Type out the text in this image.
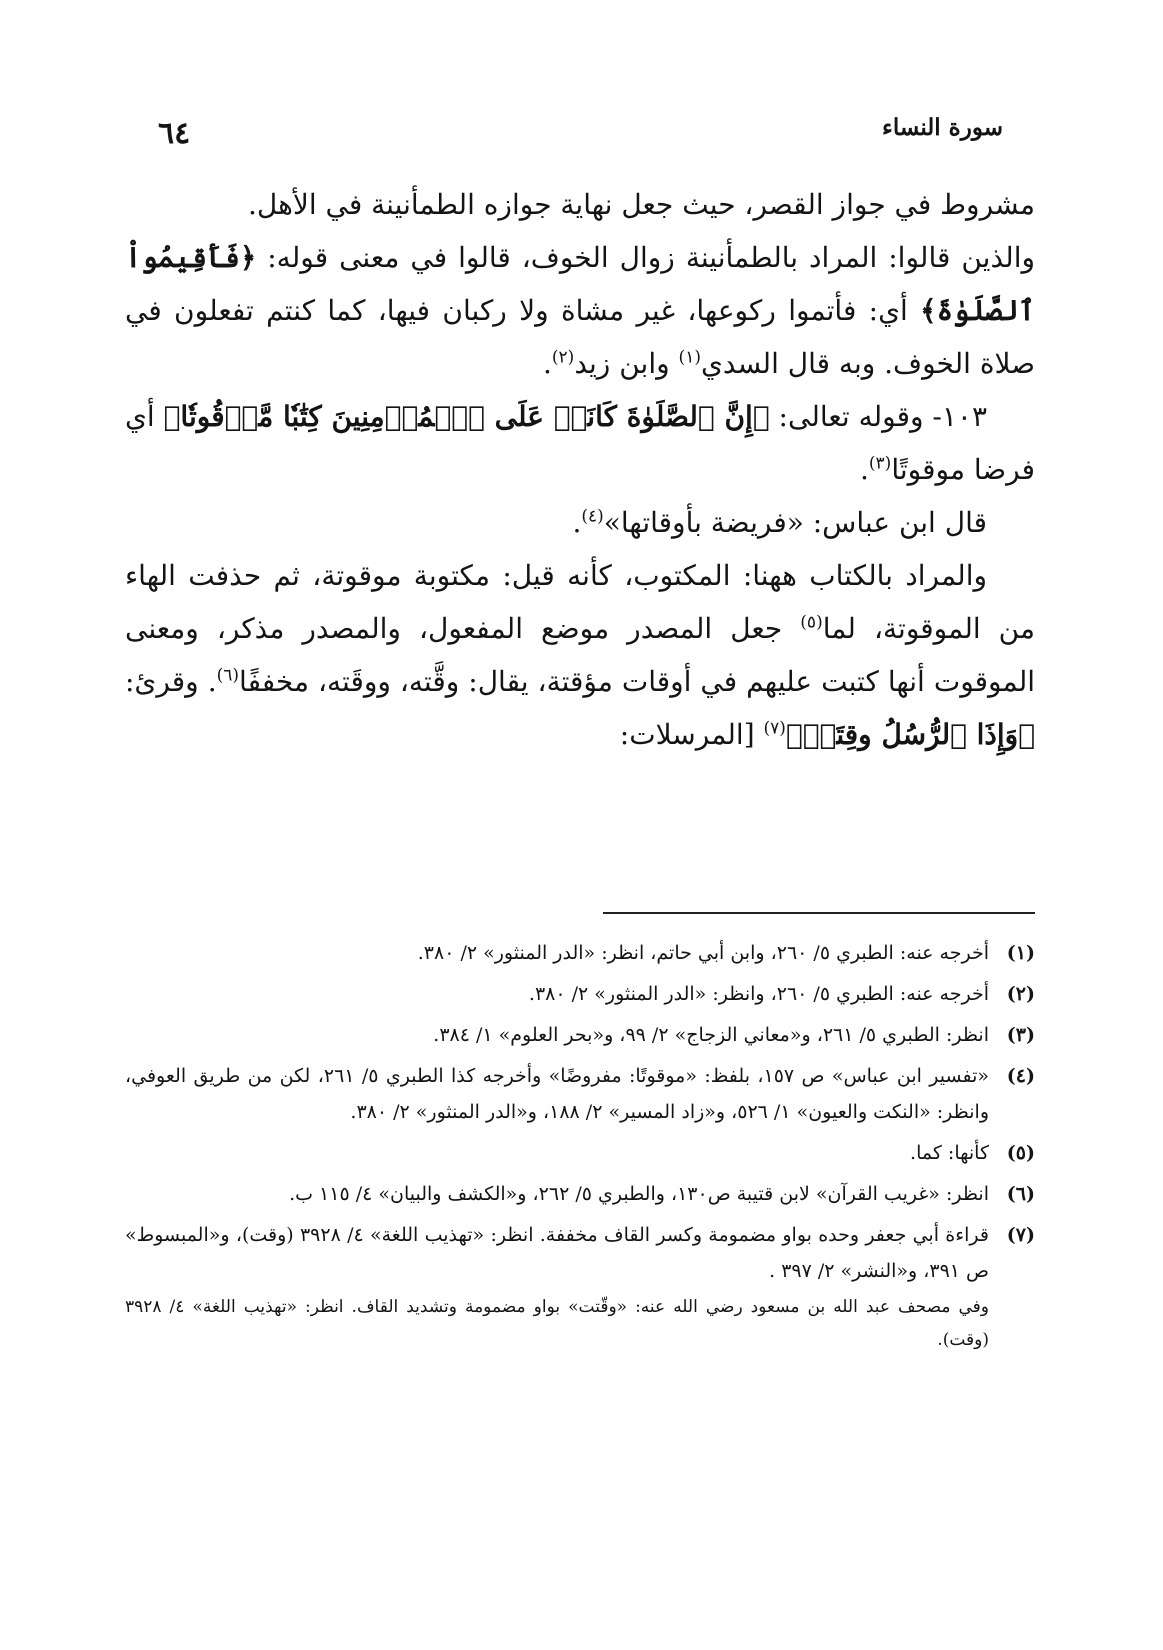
سورة النساء
٦٤

مشروط في جواز القصر، حيث جعل نهاية جوازه الطمأنينة في الأهل.

والذين قالوا: المراد بالطمأنينة زوال الخوف، قالوا في معنى قوله: ﴿فَأَقِيمُواْ ٱلصَّلَوٰةَ﴾ أي: فأتموا ركوعها، غير مشاة ولا ركبان فيها، كما كنتم تفعلون في صلاة الخوف. وبه قال السدي$^{(١)}$ وابن زيد$^{(٢)}$.

١٠٣- وقوله تعالى: ﴿إِنَّ ٱلصَّلَوٰةَ كَانَتۡ عَلَى ٱلۡمُؤۡمِنِينَ كِتَٰبٗا مَّوۡقُوتٗا﴾ أي فرضا موقوتًا$^{(٣)}$.

قال ابن عباس: «فريضة بأوقاتها»$^{(٤)}$.

والمراد بالكتاب ههنا: المكتوب، كأنه قيل: مكتوبة موقوتة، ثم حذفت الهاء من الموقوتة، لما$^{(٥)}$ جعل المصدر موضع المفعول، والمصدر مذكر، ومعنى الموقوت أنها كتبت عليهم في أوقات مؤقتة، يقال: وقَّته، ووقَته، مخففًا$^{(٦)}$. وقرئ: ﴿وَإِذَا ٱلرُّسُلُ وقِتَتۡ﴾$^{(٧)}$ [المرسلات:

(١)
أخرجه عنه: الطبري ٥/ ٢٦٠، وابن أبي حاتم، انظر: «الدر المنثور» ٢/ ٣٨٠.
(٢)
أخرجه عنه: الطبري ٥/ ٢٦٠، وانظر: «الدر المنثور» ٢/ ٣٨٠.
(٣)
انظر: الطبري ٥/ ٢٦١، و«معاني الزجاج» ٢/ ٩٩، و«بحر العلوم» ١/ ٣٨٤.
(٤)
«تفسير ابن عباس» ص ١٥٧، بلفظ: «موقوتًا: مفروضًا» وأخرجه كذا الطبري ٥/ ٢٦١، لكن من طريق العوفي، وانظر: «النكت والعيون» ١/ ٥٢٦، و«زاد المسير» ٢/ ١٨٨، و«الدر المنثور» ٢/ ٣٨٠.
(٥)
كأنها: كما.
(٦)
انظر: «غريب القرآن» لابن قتيبة ص١٣٠، والطبري ٥/ ٢٦٢، و«الكشف والبيان» ٤/ ١١٥ ب.
(٧)
قراءة أبي جعفر وحده بواو مضمومة وكسر القاف مخففة. انظر: «تهذيب اللغة» ٤/ ٣٩٢٨ (وقت)، و«المبسوط» ص ٣٩١، و«النشر» ٢/ ٣٩٧ .
وفي مصحف عبد الله بن مسعود رضي الله عنه: «وقّتت» بواو مضمومة وتشديد القاف. انظر: «تهذيب اللغة» ٤/ ٣٩٢٨ (وقت).
